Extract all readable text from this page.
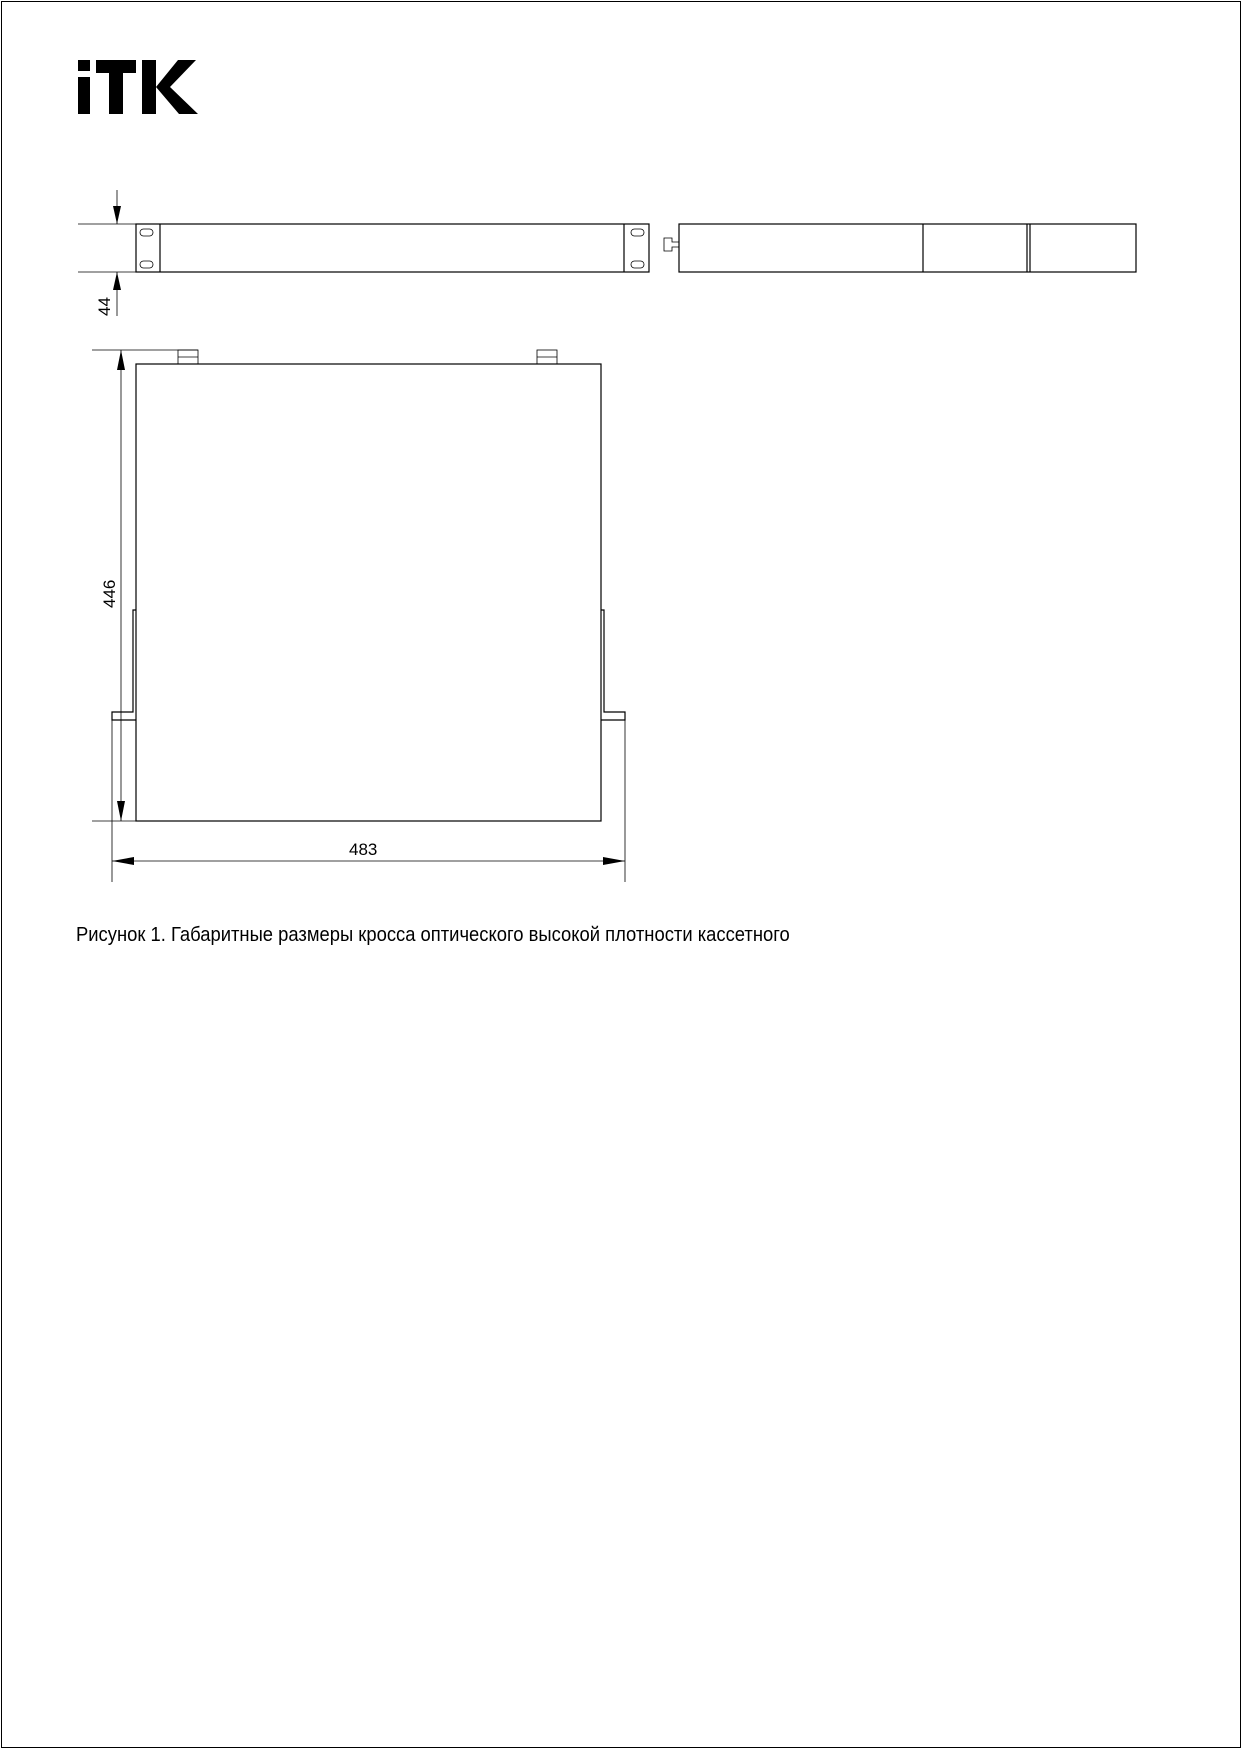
44
446
483
Рисунок 1. Габаритные размеры кросса оптического высокой плотности кассетного
